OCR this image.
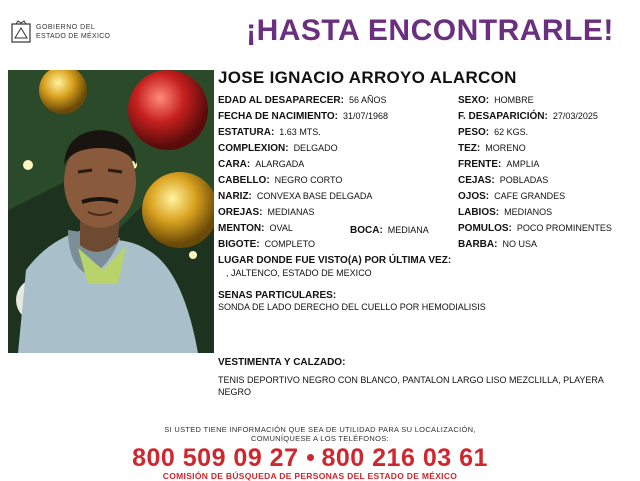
GOBIERNO DEL
ESTADO DE MÉXICO	¡HASTA ENCONTRARLE!
JOSE IGNACIO ARROYO ALARCON
EDAD AL DESAPARECER: 56 AÑOS
FECHA DE NACIMIENTO: 31/07/1968
ESTATURA: 1.63 MTS.
COMPLEXION: DELGADO
CARA: ALARGADA
CABELLO: NEGRO CORTO
NARIZ: CONVEXA BASE DELGADA
OREJAS: MEDIANAS
MENTON: OVAL	BOCA: MEDIANA
BIGOTE: COMPLETO
SEXO: HOMBRE
F. DESAPARICIÓN: 27/03/2025
PESO: 62 KGS.
TEZ: MORENO
FRENTE: AMPLIA
CEJAS: POBLADAS
OJOS: CAFE GRANDES
LABIOS: MEDIANOS
POMULOS: POCO PROMINENTES
BARBA: NO USA
LUGAR DONDE FUE VISTO(A) POR ÚLTIMA VEZ:
, JALTENCO, ESTADO DE MEXICO
SENAS PARTICULARES:
SONDA DE LADO DERECHO DEL CUELLO POR HEMODIALISIS
VESTIMENTA Y CALZADO:
TENIS DEPORTIVO NEGRO CON BLANCO, PANTALON LARGO LISO MEZCLILLA, PLAYERA
NEGRO
SI USTED TIENE INFORMACIÓN QUE SEA DE UTILIDAD PARA SU LOCALIZACIÓN,
COMUNÍQUESE A LOS TELÉFONOS:
800 509 09 27 800 216 03 61
COMISIÓN DE BÚSQUEDA DE PERSONAS DEL ESTADO DE MÉXICO
